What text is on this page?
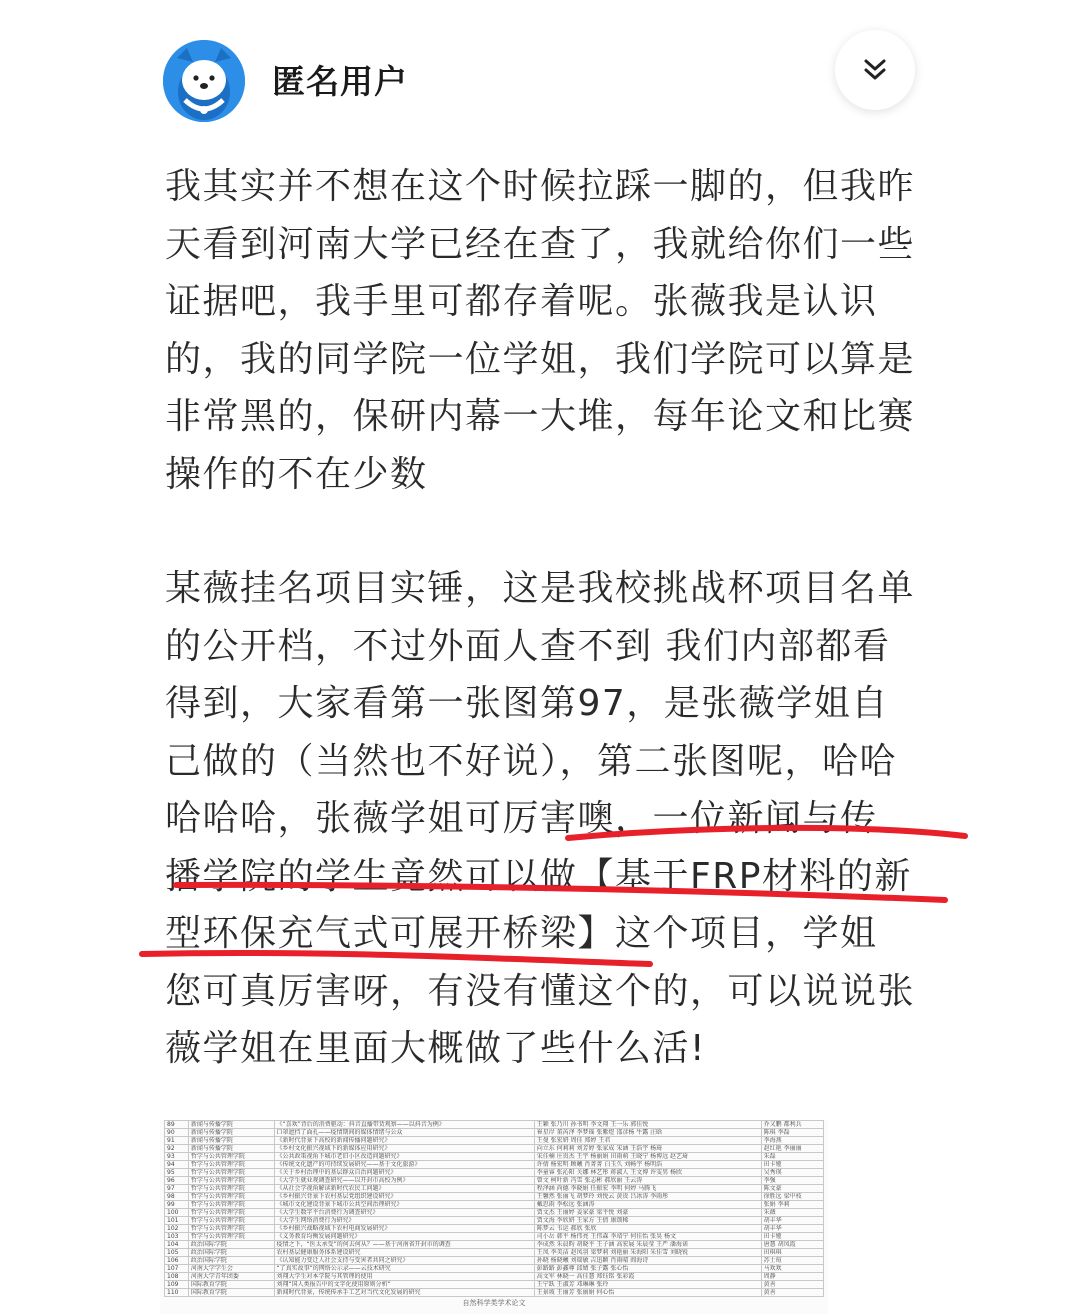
匿名用户

我其实并不想在这个时候拉踩一脚的，但我昨天看到河南大学已经在查了，我就给你们一些证据吧，我手里可都存着呢。张薇我是认识的，我的同学院一位学姐，我们学院可以算是非常黑的，保研内幕一大堆，每年论文和比赛操作的不在少数

某薇挂名项目实锤，这是我校挑战杯项目名单的公开档，不过外面人查不到 我们内部都看得到，大家看第一张图第97，是张薇学姐自己做的（当然也不好说），第二张图呢，哈哈哈哈哈，张薇学姐可厉害噢，一位新闻与传播学院的学生竟然可以做【基于FRP材料的新型环保充气式可展开桥梁】这个项目，学姐您可真厉害呀，有没有懂这个的，可以说说张薇学姐在里面大概做了些什么活!

89	新闻与传播学院	《“喜欢”背后的消费驱动：抖音直播带货观察——以抖音为例》	王颖 张乃川 孙书明 李文翔 王一乐 郭佳悦	乔又鹏 都利兵
90	新闻与传播学院	口罩遮挡了面孔——疫情期间的媒体情绪与公众	崔星岸 董芮泽 李梦瑶 张紫煜 邵彦杨 牛露 汪晗	陈琪 李磊
91	新闻与传播学院	《新时代背景下高校的新闻传播问题研究》	王曼 张宏妍 周佳 郑婷 王君	李海燕
92	新闻与传播学院	《乡村文化振兴视域下的新媒体应用研究》	向立东 何莉莉 刘芳婷 张家成 宋涵 王浩宇 杨琦	赵红艳 李丽丽
93	哲学与公共管理学院	《公共政策视角下城市老旧小区改造问题研究》	宋佳楠 庄贵杰 王宇 杨丽娟 田雨萌 王晓宁 杨博远 赵艺琦	朱磊
94	哲学与公共管理学院	《传统文化遗产的可持续发展研究——基于文化旅游》	许倩 杨宏明 顾曦 肖菁菁 白玉久 刘畅宇 杨明浩	田卡娅
95	哲学与公共管理学院	《关于乡村治理中的基层群众自治问题研究》	李童睿 张沁阳 关娜 林艺彤 蒋淑人 王文博 许雯男 杨欣	吴秀瑛
96	哲学与公共管理学院	《大学生就业观调查研究——以开封市高校为例》	曾文 柯叶新 冯雪 张志彬 郝欣丽 王云涛	李强
97	哲学与公共管理学院	《从社会学视角解读新时代农民工问题》	程泽涵 尚德 李晓娟 任振宏 李明 何婷 马腾飞	陈文豪
98	哲学与公共管理学院	《乡村振兴背景下农村基层党组织建设研究》	王馨然 张丽飞 胡梦玲 刘悦云 黄贵 吕冰涛 李雨彤	徐胜远 梁中枝
99	哲学与公共管理学院	《城市文化建设背景下城市公共空间治理研究》	戴思雨 李松远 张涵涛	张娟 李莉
100	哲学与公共管理学院	《大学生数字平台消费行为调查研究》	贾文杰 王丽婷 姜家豪 梁平悦 刘豪	朱薇
101	哲学与公共管理学院	《大学生网络消费行为研究》	贾文海 李欣妍 王家方 王倩 康颂稀	胡丰华
102	哲学与公共管理学院	《乡村振兴战略视域下农村电商发展研究》	陈梦云 韦运 郝欣 张欣	胡丰华
103	哲学与公共管理学院	《义务教育均衡发展问题研究》	司小岳 韩平 杨伟亮 王伟森 李靖宁 何佳怡 张昊 杨文	田卡娅
104	政治国际学院	疫情之下，“医太承受”的何去何从？——基于河南省开封市的调查	李成然 朱晨昀 胡晓平 王子涵 高宏展 朱晨莹 王严 潘海诺	唐慧 胡凤霞
105	政治国际学院	农村基层健康服务体系建设研究	王凤 李美洁 赵凤羽 梁梦莉 刘艳丽 朱海阳 朱佳雪 刘晓锐	田琪琪
106	政治国际学院	《认知能力变迁人社会支持与受害者共同之研究》	孙晓 杨晓曦 刘瑞敏 吉迅颖 肖雨晴 阎海诗	苏士瑄
107	河南大学学生会	“了真实故事”的网络公示录——云技术研究	彭路路 彭鑫尊 邱婧 张子露 张心怡	马欢欢
108	河南大学青年团委	刘翔大学生对本学院与其管理的使用	高文军 林晓一 高佳慧 郑钰铭 张彩霞	周静
109	国际教育学院	刘翔“国人类报告中的文字化使用原则分析”	王宁跃 王淑芳 邓琳琳 张玲	黄善
110	国际教育学院	新闻时代背景，传统传承手工艺对当代文化发展的研究	王景坡 王丽芳 张丽娟 何心怡	黄善
自然科学类学术论文
